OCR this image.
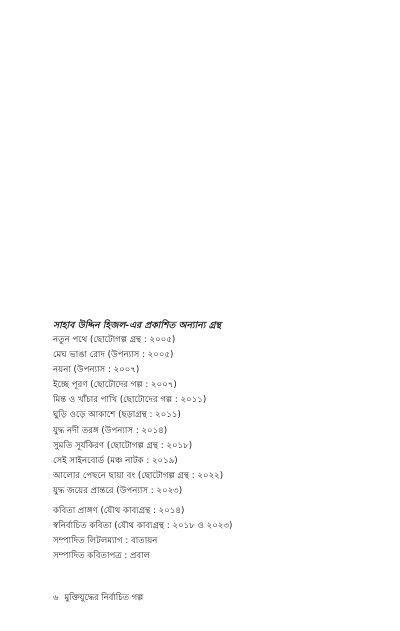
সাহাব উদ্দিন হিজল-এর প্রকাশিত অন্যান্য গ্রন্থ
নতুন পথে (ছোটোগল্প গ্রন্থ : ২০০৫)
মেঘ ভাঙা রোদ (উপন্যাস : ২০০৫)
নয়না (উপন্যাস : ২০০৭)
ইচ্ছে পূরণ (ছোটোদের গল্প : ২০০৭)
মিন্ত ও খাঁচার পাখি (ছোটোদের গল্প : ২০১১)
ঘুড়ি ওড়ে আকাশে (ছড়াগ্রন্থ : ২০১১)
যুদ্ধ নদী তরঙ্গ (উপন্যাস : ২০১৪)
সুমতি সূর্যকিরণ (ছোটোগল্প গ্রন্থ : ২০১৮)
সেই সাইনবোর্ড (মঞ্চ নাটক : ২০১৯)
আলোর পেছনে ছায়া বং (ছোটোগল্প গ্রন্থ : ২০২২)
যুদ্ধ জয়ের প্রান্তরে (উপন্যাস : ২০২৩)
কবিতা প্রাঙ্গণ (যৌথ কাব্যগ্রন্থ : ২০১৪)
স্বনির্বাচিত কবিতা (যৌথ কাব্যগ্রন্থ : ২০১৮ ও ২০২৩)
সম্পাদিত লিটলম্যাগ : বাতায়ন
সম্পাদিত কবিতাপত্র : প্রবাল
৬ মুক্তিযুদ্ধের নির্বাচিত গল্প
